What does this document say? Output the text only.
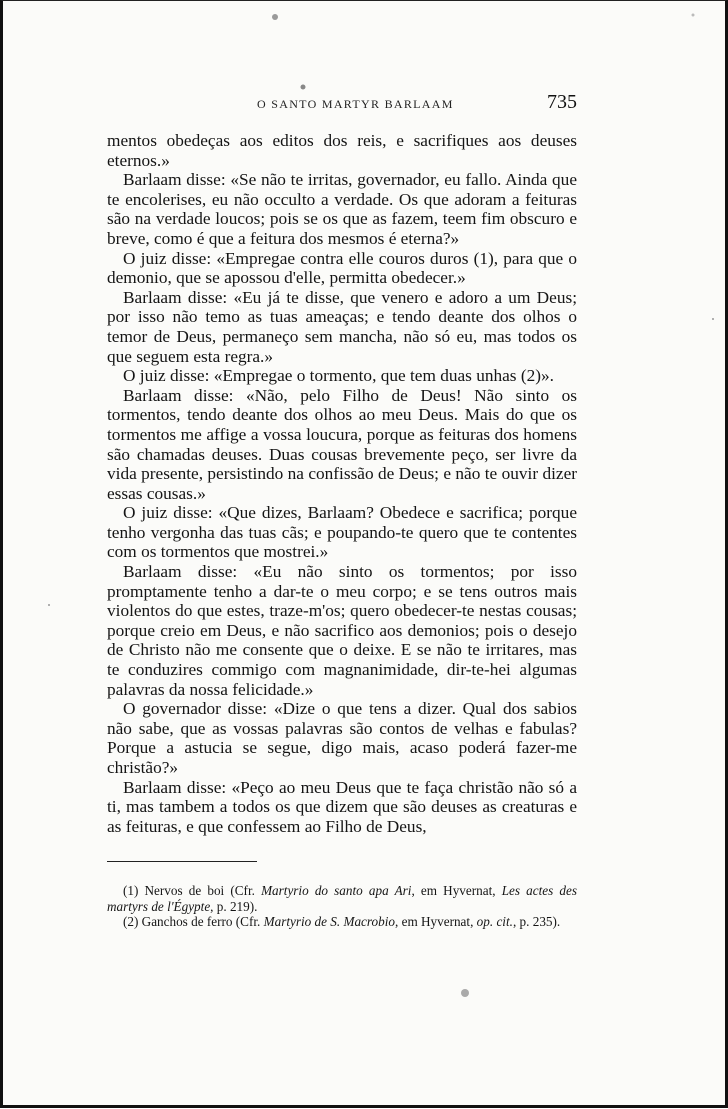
O SANTO MARTYR BARLAAM	735

mentos obedeças aos editos dos reis, e sacrifiques aos deuses eternos.»

Barlaam disse: «Se não te irritas, governador, eu fallo. Ainda que te encolerises, eu não occulto a verdade. Os que adoram a feituras são na verdade loucos; pois se os que as fazem, teem fim obscuro e breve, como é que a feitura dos mesmos é eterna?»

O juiz disse: «Empregae contra elle couros duros (1), para que o demonio, que se apossou d'elle, permitta obedecer.»

Barlaam disse: «Eu já te disse, que venero e adoro a um Deus; por isso não temo as tuas ameaças; e tendo deante dos olhos o temor de Deus, permaneço sem mancha, não só eu, mas todos os que seguem esta regra.»

O juiz disse: «Empregae o tormento, que tem duas unhas (2)».

Barlaam disse: «Não, pelo Filho de Deus! Não sinto os tormentos, tendo deante dos olhos ao meu Deus. Mais do que os tormentos me affige a vossa loucura, porque as feituras dos homens são chamadas deuses. Duas cousas brevemente peço, ser livre da vida presente, persistindo na confissão de Deus; e não te ouvir dizer essas cousas.»

O juiz disse: «Que dizes, Barlaam? Obedece e sacrifica; porque tenho vergonha das tuas cãs; e poupando-te quero que te contentes com os tormentos que mostrei.»

Barlaam disse: «Eu não sinto os tormentos; por isso promptamente tenho a dar-te o meu corpo; e se tens outros mais violentos do que estes, traze-m'os; quero obedecer-te nestas cousas; porque creio em Deus, e não sacrifico aos demonios; pois o desejo de Christo não me consente que o deixe. E se não te irritares, mas te conduzires commigo com magnanimidade, dir-te-hei algumas palavras da nossa felicidade.»

O governador disse: «Dize o que tens a dizer. Qual dos sabios não sabe, que as vossas palavras são contos de velhas e fabulas? Porque a astucia se segue, digo mais, acaso poderá fazer-me christão?»

Barlaam disse: «Peço ao meu Deus que te faça christão não só a ti, mas tambem a todos os que dizem que são deuses as creaturas e as feituras, e que confessem ao Filho de Deus,

(1) Nervos de boi (Cfr. Martyrio do santo apa Ari, em Hyvernat, Les actes des martyrs de l'Égypte, p. 219).

(2) Ganchos de ferro (Cfr. Martyrio de S. Macrobio, em Hyvernat, op. cit., p. 235).
